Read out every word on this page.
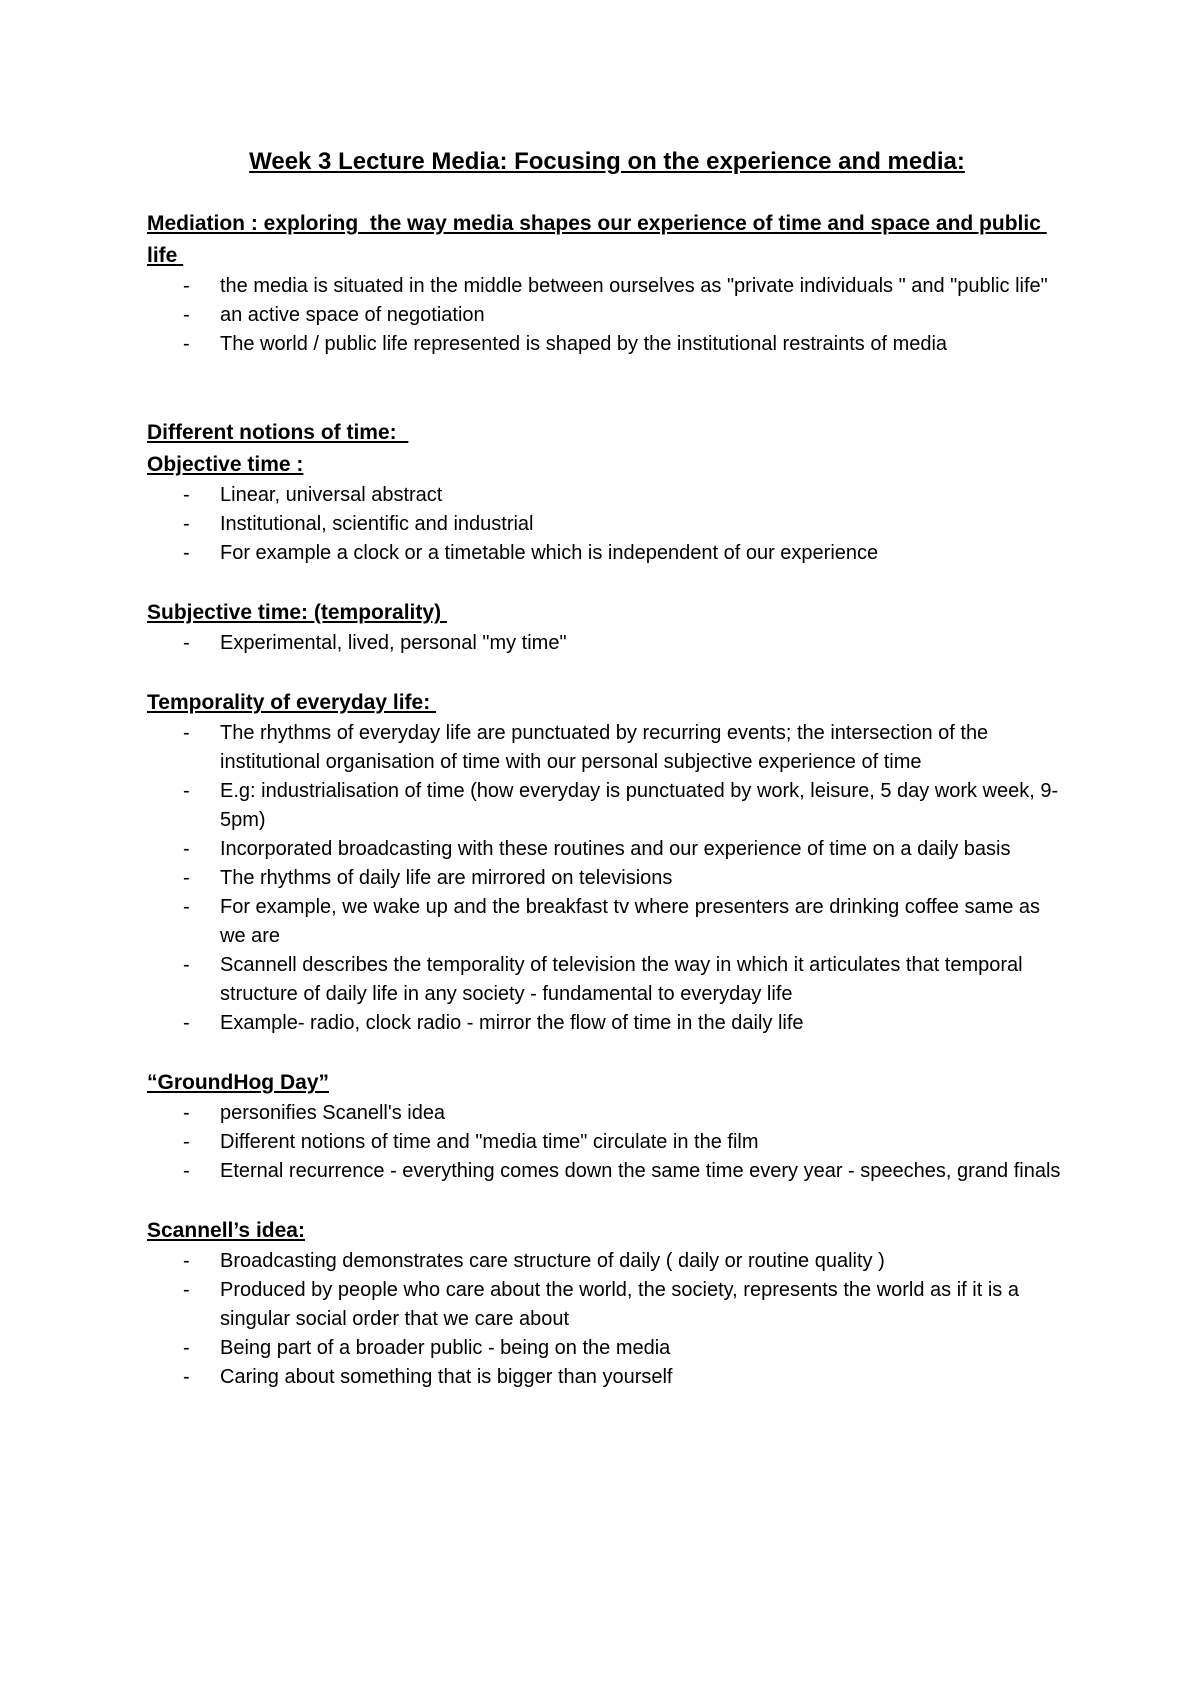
Week 3 Lecture Media: Focusing on the experience and media:
Mediation : exploring  the way media shapes our experience of time and space and public life
- the media is situated in the middle between ourselves as "private individuals " and "public life"
- an active space of negotiation
- The world / public life represented is shaped by the institutional restraints of media
Different notions of time:
Objective time :
- Linear, universal abstract
- Institutional, scientific and industrial
- For example a clock or a timetable which is independent of our experience
Subjective time: (temporality)
- Experimental, lived, personal "my time"
Temporality of everyday life:
- The rhythms of everyday life are punctuated by recurring events; the intersection of the institutional organisation of time with our personal subjective experience of time
- E.g: industrialisation of time (how everyday is punctuated by work, leisure, 5 day work week, 9-5pm)
- Incorporated broadcasting with these routines and our experience of time on a daily basis
- The rhythms of daily life are mirrored on televisions
- For example, we wake up and the breakfast tv where presenters are drinking coffee same as we are
- Scannell describes the temporality of television the way in which it articulates that temporal structure of daily life in any society - fundamental to everyday life
- Example- radio, clock radio - mirror the flow of time in the daily life
“GroundHog Day”
- personifies Scanell's idea
- Different notions of time and "media time" circulate in the film
- Eternal recurrence - everything comes down the same time every year - speeches, grand finals
Scannell’s idea:
- Broadcasting demonstrates care structure of daily ( daily or routine quality )
- Produced by people who care about the world, the society, represents the world as if it is a singular social order that we care about
- Being part of a broader public - being on the media
- Caring about something that is bigger than yourself
